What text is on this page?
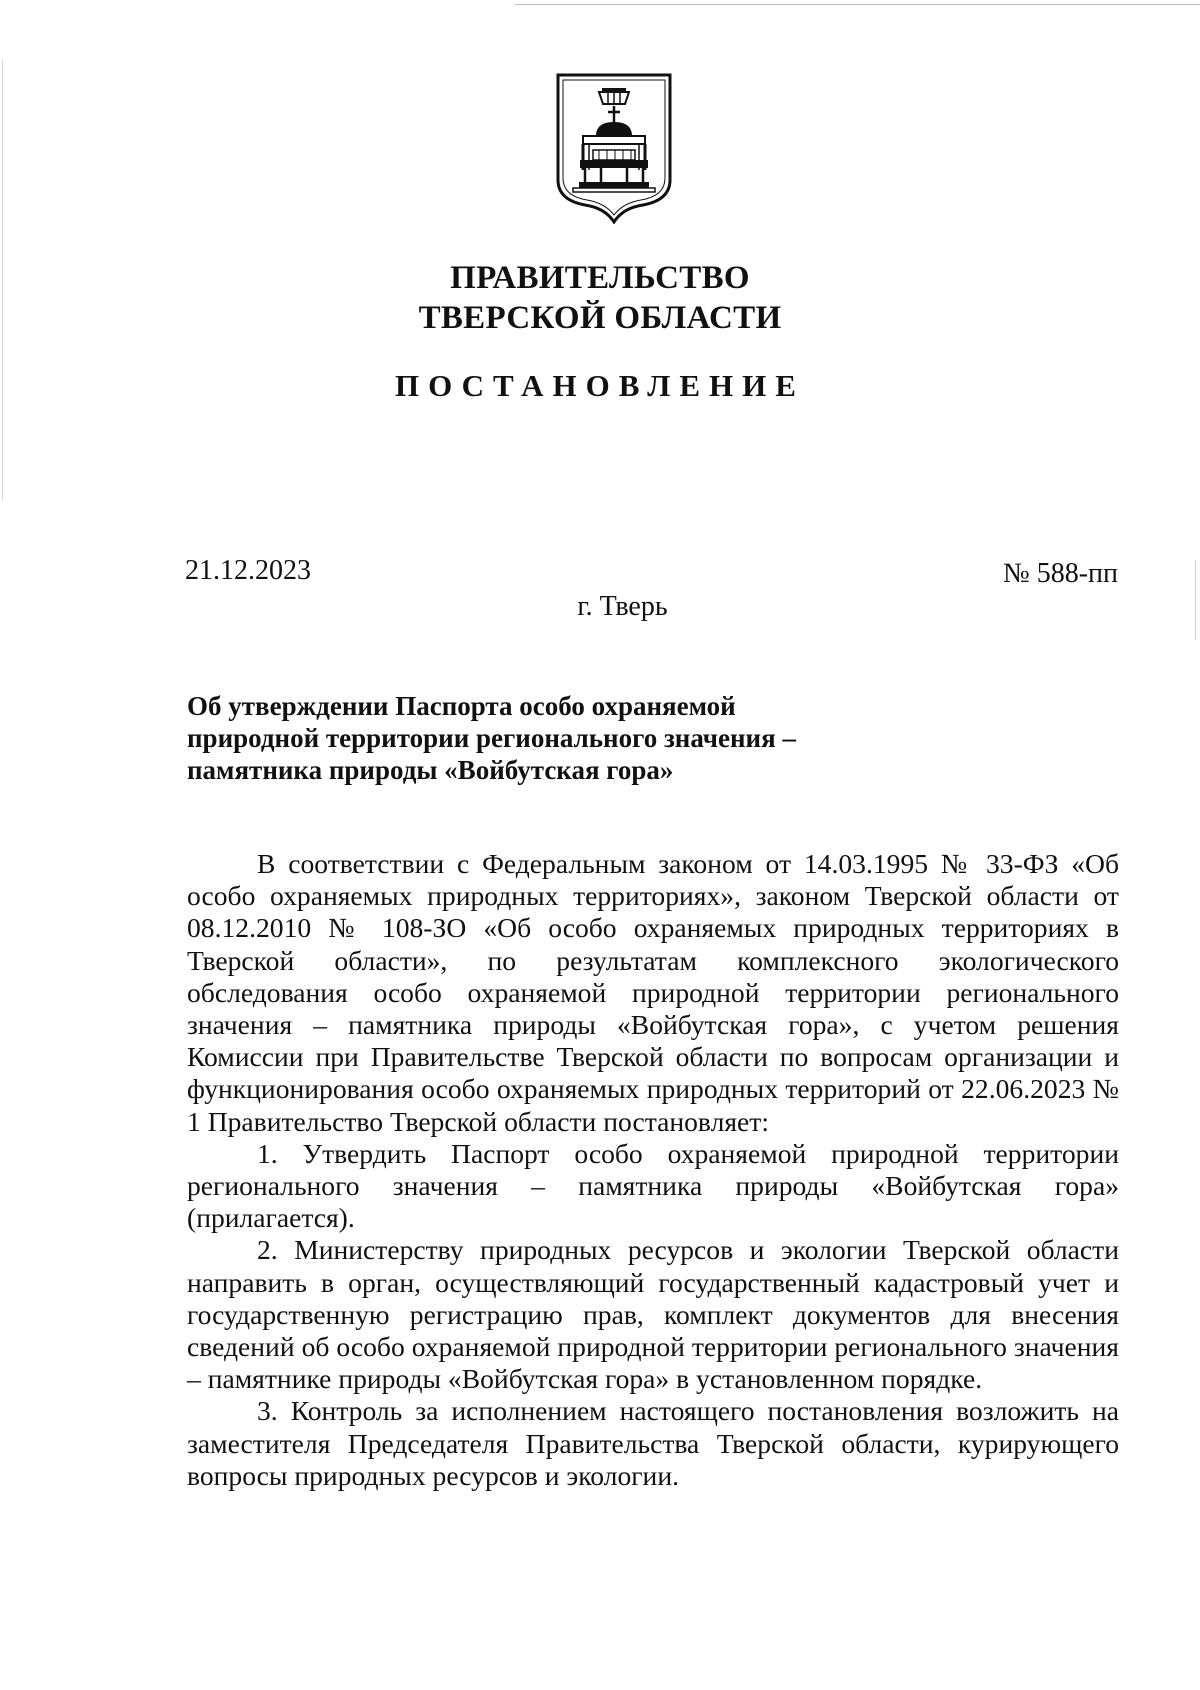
ПРАВИТЕЛЬСТВО
ТВЕРСКОЙ ОБЛАСТИ
ПОСТАНОВЛЕНИЕ
21.12.2023	№ 588-пп
г. Тверь
Об утверждении Паспорта особо охраняемой
природной территории регионального значения –
памятника природы «Войбутская гора»

В соответствии с Федеральным законом от 14.03.1995 № 33-ФЗ «Об особо охраняемых природных территориях», законом Тверской области от 08.12.2010 № 108-ЗО «Об особо охраняемых природных территориях в Тверской области», по результатам комплексного экологического обследования особо охраняемой природной территории регионального значения – памятника природы «Войбутская гора», с учетом решения Комиссии при Правительстве Тверской области по вопросам организации и функционирования особо охраняемых природных территорий от 22.06.2023 № 1 Правительство Тверской области постановляет:

1. Утвердить Паспорт особо охраняемой природной территории регионального значения – памятника природы «Войбутская гора» (прилагается).

2. Министерству природных ресурсов и экологии Тверской области направить в орган, осуществляющий государственный кадастровый учет и государственную регистрацию прав, комплект документов для внесения сведений об особо охраняемой природной территории регионального значения – памятнике природы «Войбутская гора» в установленном порядке.

3. Контроль за исполнением настоящего постановления возложить на заместителя Председателя Правительства Тверской области, курирующего вопросы природных ресурсов и экологии.
